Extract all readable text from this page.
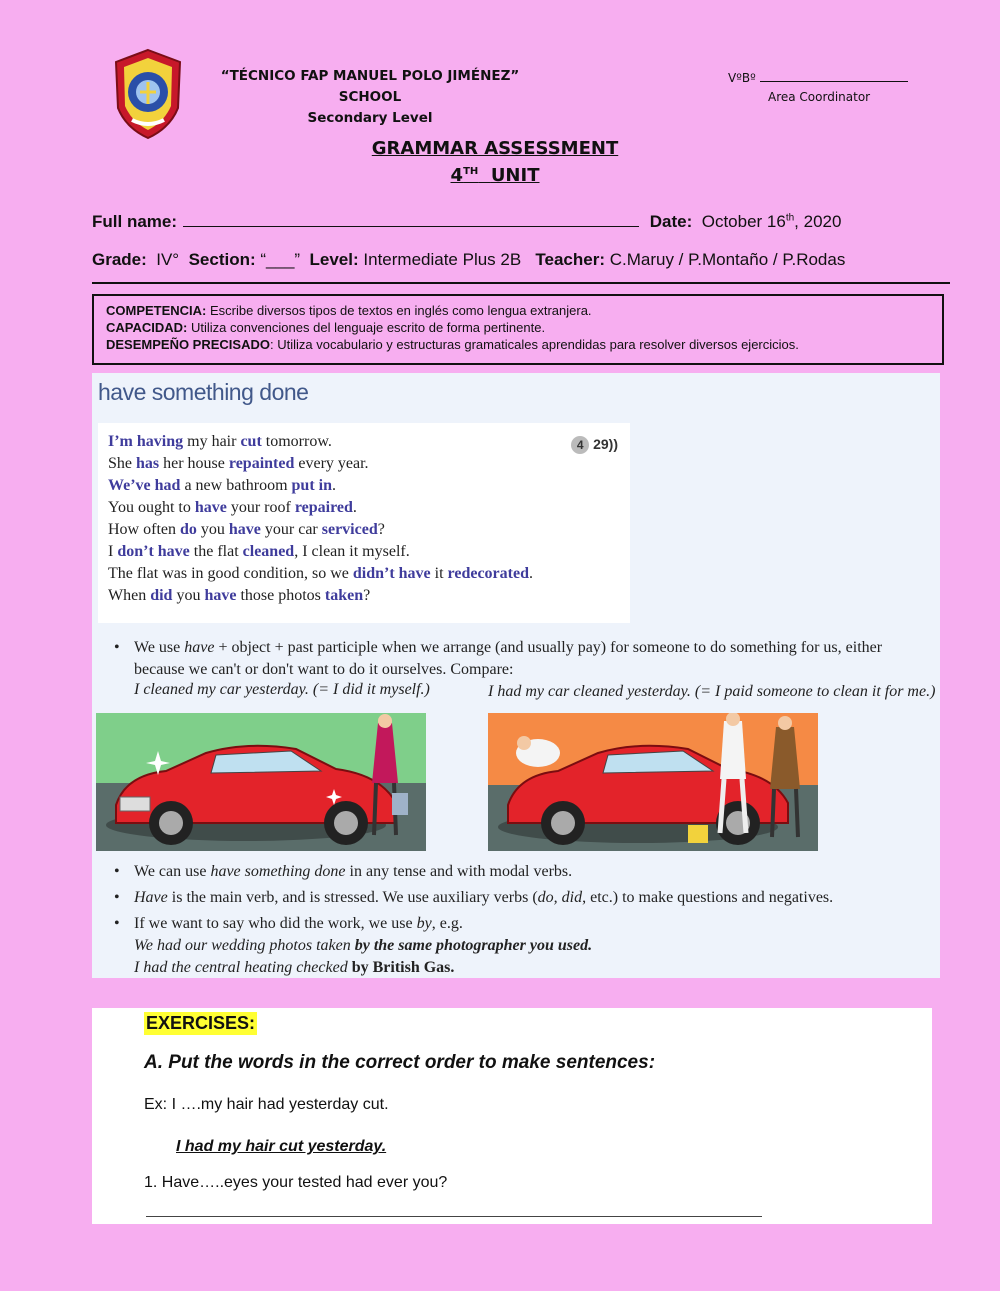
“TÉCNICO FAP MANUEL POLO JIMÉNEZ” SCHOOL
Secondary Level
VºBº
Area Coordinator
GRAMMAR ASSESSMENT
4TH UNIT
Full name:	Date: October 16th, 2020
Grade: IV° Section: “___” Level: Intermediate Plus 2B Teacher: C.Maruy / P.Montaño / P.Rodas
COMPETENCIA: Escribe diversos tipos de textos en inglés como lengua extranjera.
CAPACIDAD: Utiliza convenciones del lenguaje escrito de forma pertinente.
DESEMPEÑO PRECISADO: Utiliza vocabulario y estructuras gramaticales aprendidas para resolver diversos ejercicios.
have something done
4 29))
I’m having my hair cut tomorrow.
She has her house repainted every year.
We’ve had a new bathroom put in.
You ought to have your roof repaired.
How often do you have your car serviced?
I don’t have the flat cleaned, I clean it myself.
The flat was in good condition, so we didn’t have it redecorated.
When did you have those photos taken?
• We use have + object + past participle when we arrange (and usually pay) for someone to do something for us, either because we can't or don't want to do it ourselves. Compare:
I cleaned my car yesterday. (= I did it myself.)	I had my car cleaned yesterday. (= I paid someone to clean it for me.)
• We can use have something done in any tense and with modal verbs.
• Have is the main verb, and is stressed. We use auxiliary verbs (do, did, etc.) to make questions and negatives.
• If we want to say who did the work, we use by, e.g.
We had our wedding photos taken by the same photographer you used.
I had the central heating checked by British Gas.
EXERCISES:
A. Put the words in the correct order to make sentences:
Ex: I ….my hair had yesterday cut.
I had my hair cut yesterday.
1. Have…..eyes your tested had ever you?
